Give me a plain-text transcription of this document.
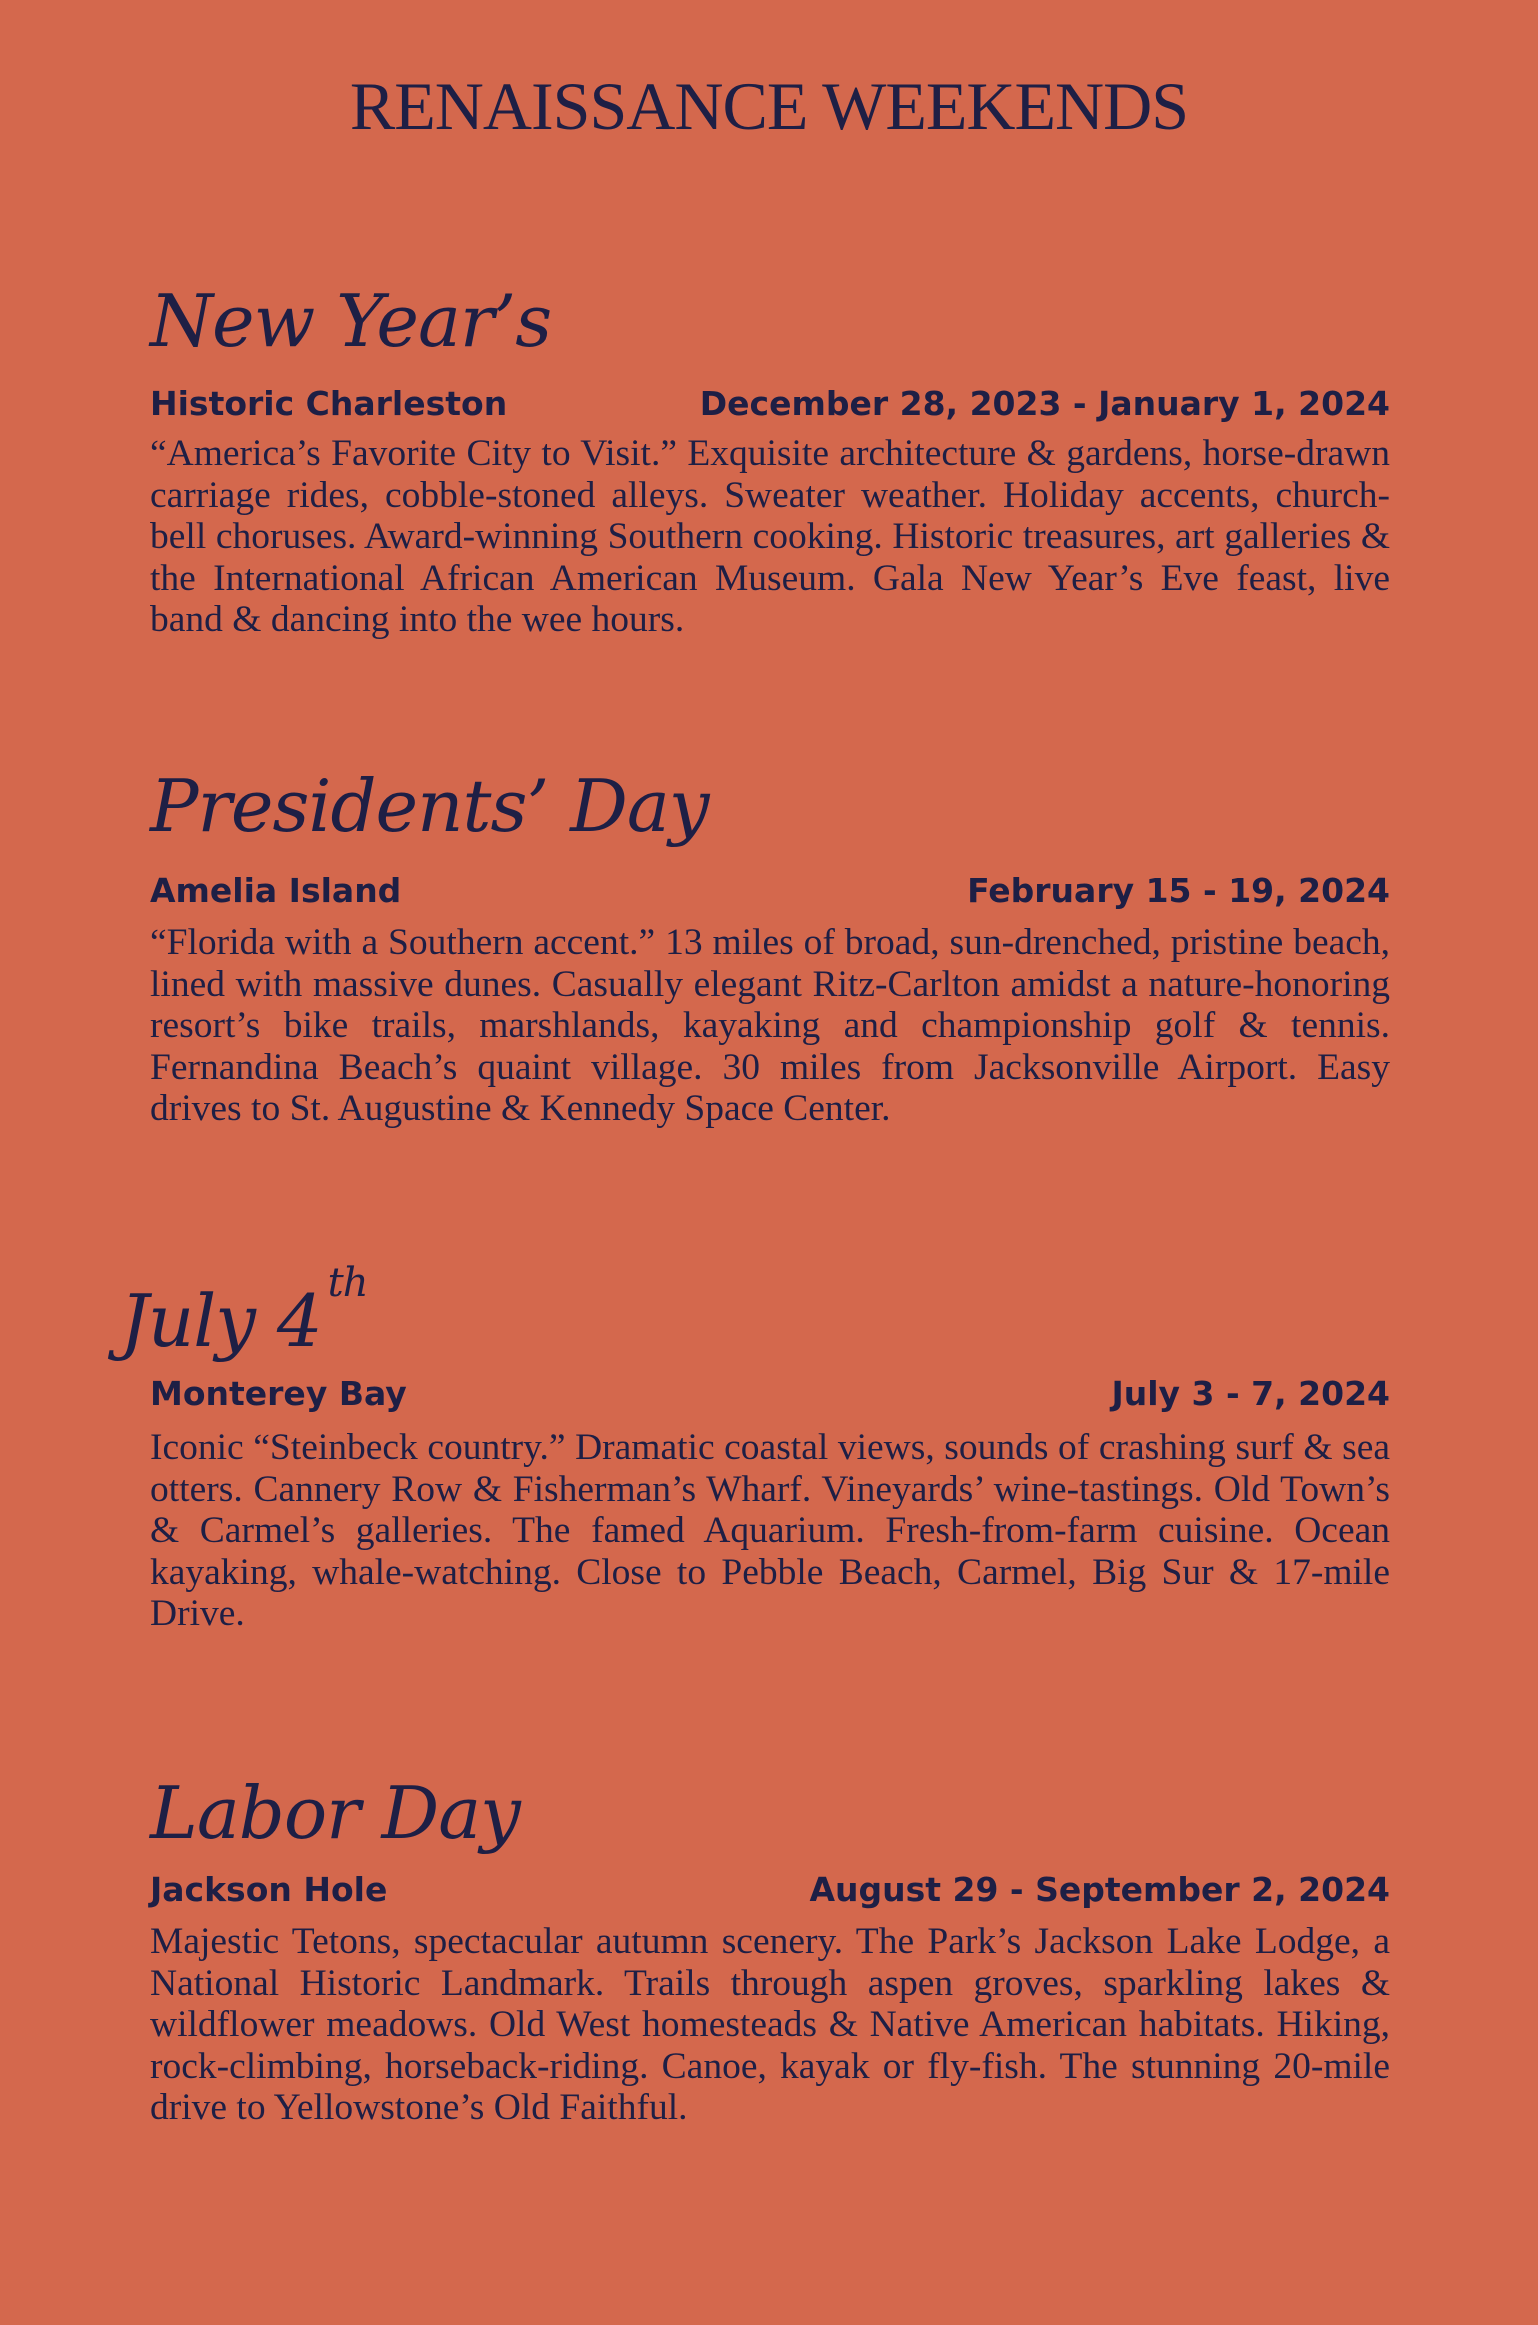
RENAISSANCE WEEKENDS
New Year’s
Historic Charleston	December 28, 2023 - January 1, 2024
“America’s Favorite City to Visit.” Exquisite architecture & gardens, horse-drawn carriage rides, cobble-stoned alleys. Sweater weather. Holiday accents, church-bell choruses. Award-winning Southern cooking. Historic treasures, art galleries & the International African American Museum. Gala New Year’s Eve feast, live band & dancing into the wee hours.
Presidents’ Day
Amelia Island	February 15 - 19, 2024
“Florida with a Southern accent.” 13 miles of broad, sun-drenched, pristine beach, lined with massive dunes. Casually elegant Ritz-Carlton amidst a nature-honoring resort’s bike trails, marshlands, kayaking and championship golf & tennis. Fernandina Beach’s quaint village. 30 miles from Jacksonville Airport. Easy drives to St. Augustine & Kennedy Space Center.
July 4 $^{th}$
Monterey Bay	July 3 - 7, 2024
Iconic “Steinbeck country.” Dramatic coastal views, sounds of crashing surf & sea otters. Cannery Row & Fisherman’s Wharf. Vineyards’ wine-tastings. Old Town’s & Carmel’s galleries. The famed Aquarium. Fresh-from-farm cuisine. Ocean kayaking, whale-watching. Close to Pebble Beach, Carmel, Big Sur & 17-mile Drive.
Labor Day
Jackson Hole	August 29 - September 2, 2024
Majestic Tetons, spectacular autumn scenery. The Park’s Jackson Lake Lodge, a National Historic Landmark. Trails through aspen groves, sparkling lakes & wildflower meadows. Old West homesteads & Native American habitats. Hiking, rock-climbing, horseback-riding. Canoe, kayak or fly-fish. The stunning 20-mile drive to Yellowstone’s Old Faithful.
